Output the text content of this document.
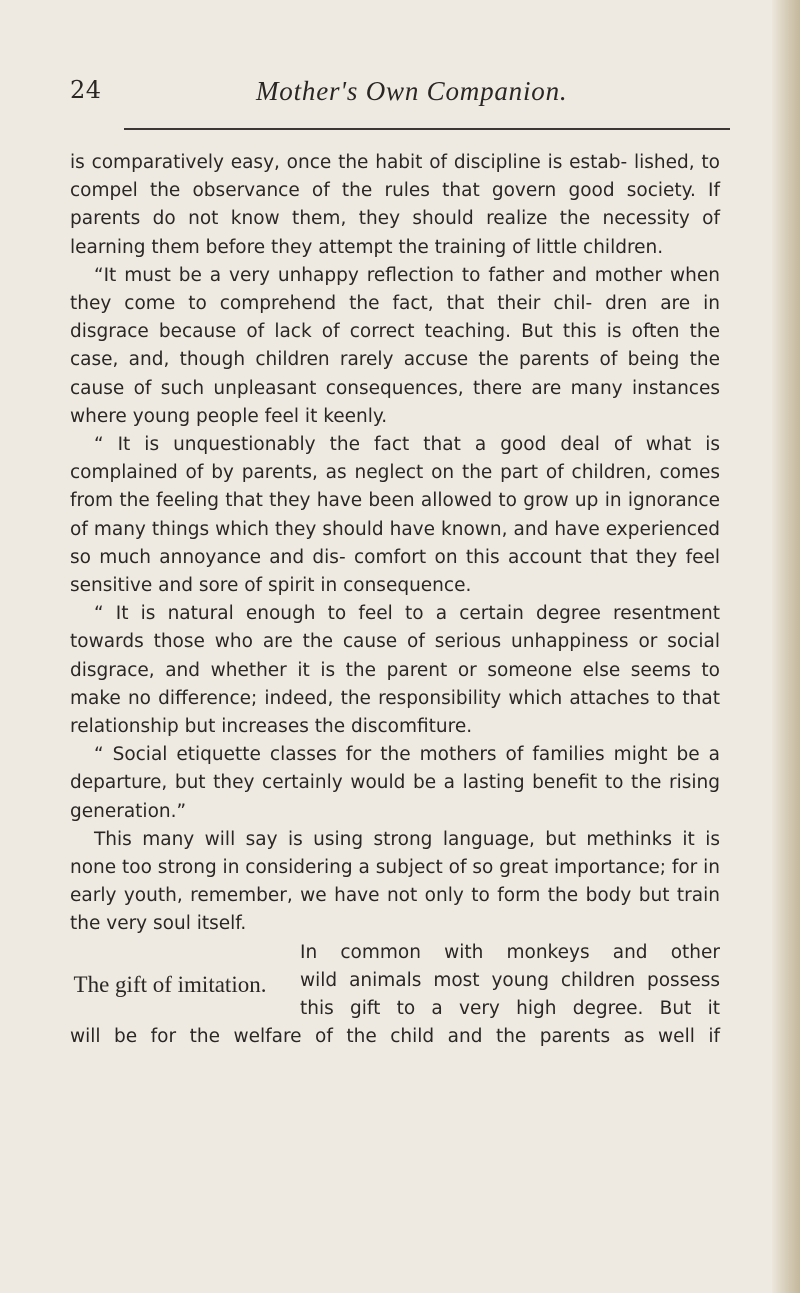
24	Mother's Own Companion.

is comparatively easy, once the habit of discipline is estab- lished, to compel the observance of the rules that govern good society. If parents do not know them, they should realize the necessity of learning them before they attempt the training of little children.

“It must be a very unhappy reflection to father and mother when they come to comprehend the fact, that their chil- dren are in disgrace because of lack of correct teaching. But this is often the case, and, though children rarely accuse the parents of being the cause of such unpleasant consequences, there are many instances where young people feel it keenly.

“ It is unquestionably the fact that a good deal of what is complained of by parents, as neglect on the part of children, comes from the feeling that they have been allowed to grow up in ignorance of many things which they should have known, and have experienced so much annoyance and dis- comfort on this account that they feel sensitive and sore of spirit in consequence.

“ It is natural enough to feel to a certain degree resentment towards those who are the cause of serious unhappiness or social disgrace, and whether it is the parent or someone else seems to make no difference; indeed, the responsibility which attaches to that relationship but increases the discomfiture.

“ Social etiquette classes for the mothers of families might be a departure, but they certainly would be a lasting benefit to the rising generation.”

This many will say is using strong language, but methinks it is none too strong in considering a subject of so great importance; for in early youth, remember, we have not only to form the body but train the very soul itself.

The gift of imitation.
In common with monkeys and other
wild animals most young children possess
this gift to a very high degree. But it
will be for the welfare of the child and the parents as well if
